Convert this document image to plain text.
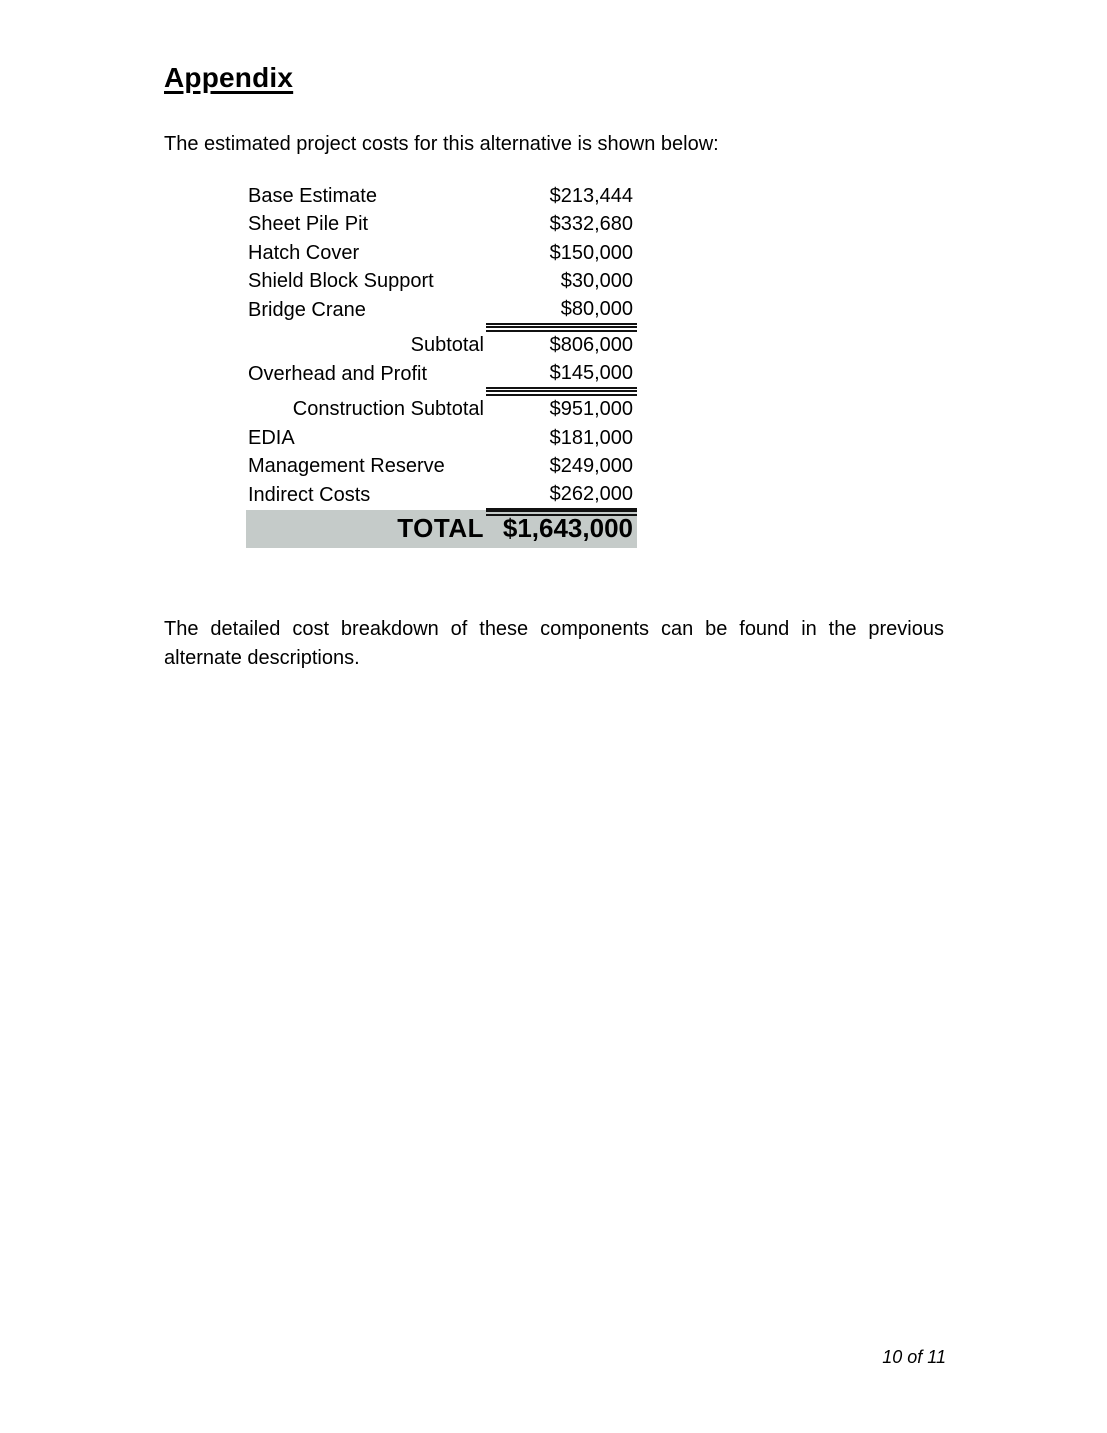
Appendix
The estimated project costs for this alternative is shown below:
Base Estimate	$213,444
Sheet Pile Pit	$332,680
Hatch Cover	$150,000
Shield Block Support	$30,000
Bridge Crane	$80,000
Subtotal	$806,000
Overhead and Profit	$145,000
Construction Subtotal	$951,000
EDIA	$181,000
Management Reserve	$249,000
Indirect Costs	$262,000
TOTAL $1,643,000
The detailed cost breakdown of these components can be found in the previous
alternate descriptions.
10 of 11
